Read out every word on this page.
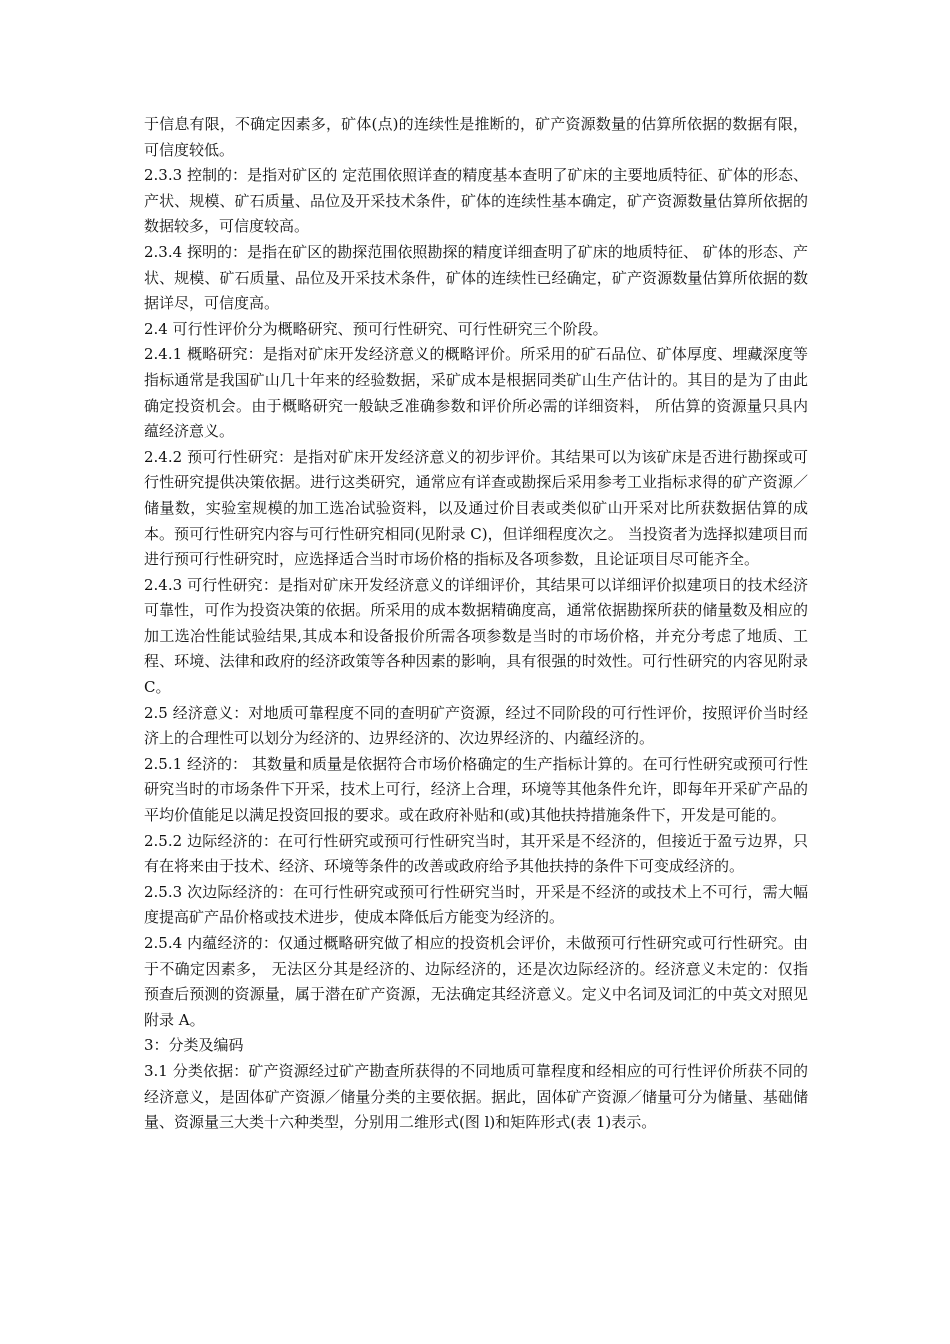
于信息有限，不确定因素多，矿体(点)的连续性是推断的，矿产资源数量的估算所依据的数据有限，可信度较低。

2.3.3 控制的：是指对矿区的 定范围依照详查的精度基本查明了矿床的主要地质特征、矿体的形态、产状、规模、矿石质量、品位及开采技术条件，矿体的连续性基本确定，矿产资源数量估算所依据的数据较多，可信度较高。

2.3.4 探明的：是指在矿区的勘探范围依照勘探的精度详细查明了矿床的地质特征、 矿体的形态、产状、规模、矿石质量、品位及开采技术条件，矿体的连续性已经确定，矿产资源数量估算所依据的数据详尽，可信度高。

2.4 可行性评价分为概略研究、预可行性研究、可行性研究三个阶段。

2.4.1 概略研究：是指对矿床开发经济意义的概略评价。所采用的矿石品位、矿体厚度、埋藏深度等指标通常是我国矿山几十年来的经验数据，采矿成本是根据同类矿山生产估计的。其目的是为了由此确定投资机会。由于概略研究一般缺乏准确参数和评价所必需的详细资料， 所估算的资源量只具内蕴经济意义。

2.4.2 预可行性研究：是指对矿床开发经济意义的初步评价。其结果可以为该矿床是否进行勘探或可行性研究提供决策依据。进行这类研究，通常应有详查或勘探后采用参考工业指标求得的矿产资源／储量数，实验室规模的加工选冶试验资料，以及通过价目表或类似矿山开采对比所获数据估算的成本。预可行性研究内容与可行性研究相同(见附录 C)，但详细程度次之。 当投资者为选择拟建项目而进行预可行性研究时，应选择适合当时市场价格的指标及各项参数，且论证项目尽可能齐全。

2.4.3 可行性研究：是指对矿床开发经济意义的详细评价，其结果可以详细评价拟建项日的技术经济可靠性，可作为投资决策的依据。所采用的成本数据精确度高，通常依据勘探所获的储量数及相应的加工选冶性能试验结果,其成本和设备报价所需各项参数是当时的市场价格，并充分考虑了地质、工程、环境、法律和政府的经济政策等各种因素的影响，具有很强的时效性。可行性研究的内容见附录 C。

2.5 经济意义：对地质可靠程度不同的查明矿产资源，经过不同阶段的可行性评价，按照评价当时经济上的合理性可以划分为经济的、边界经济的、次边界经济的、内蕴经济的。

2.5.1 经济的： 其数量和质量是依据符合市场价格确定的生产指标计算的。在可行性研究或预可行性研究当时的市场条件下开采，技术上可行，经济上合理，环境等其他条件允许，即每年开采矿产品的平均价值能足以满足投资回报的要求。或在政府补贴和(或)其他扶持措施条件下，开发是可能的。

2.5.2 边际经济的：在可行性研究或预可行性研究当时，其开采是不经济的，但接近于盈亏边界，只有在将来由于技术、经济、环境等条件的改善或政府给予其他扶持的条件下可变成经济的。

2.5.3 次边际经济的：在可行性研究或预可行性研究当时，开采是不经济的或技术上不可行，需大幅度提高矿产品价格或技术进步，使成本降低后方能变为经济的。

2.5.4 内蕴经济的：仅通过概略研究做了相应的投资机会评价，未做预可行性研究或可行性研究。由于不确定因素多， 无法区分其是经济的、边际经济的，还是次边际经济的。经济意义未定的：仅指预查后预测的资源量，属于潜在矿产资源，无法确定其经济意义。定义中名词及词汇的中英文对照见附录 A。

3：分类及编码

3.1 分类依据：矿产资源经过矿产勘查所获得的不同地质可靠程度和经相应的可行性评价所获不同的经济意义，是固体矿产资源／储量分类的主要依据。据此，固体矿产资源／储量可分为储量、基础储量、资源量三大类十六种类型，分别用二维形式(图 l)和矩阵形式(表 1)表示。
